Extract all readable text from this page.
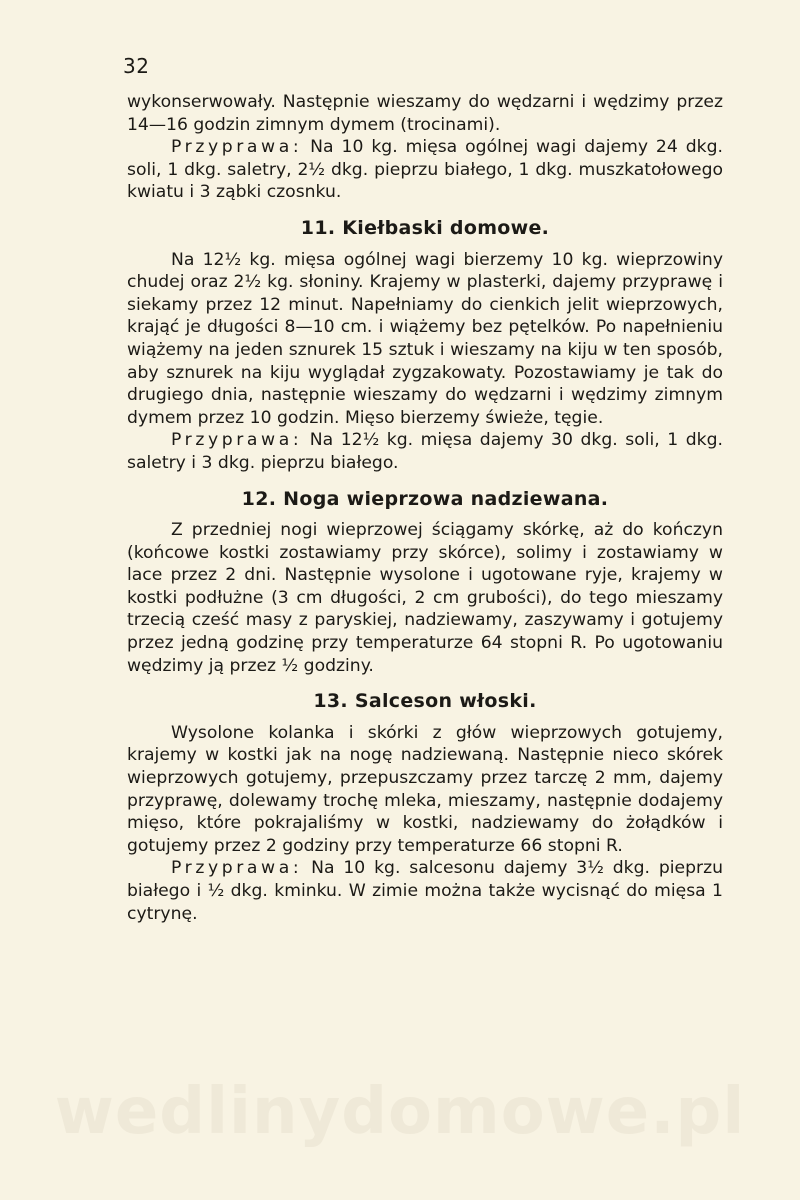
32

wykonserwowały. Następnie wieszamy do wędzarni i wędzimy przez 14—16 godzin zimnym dymem (trocinami).

Przyprawa: Na 10 kg. mięsa ogólnej wagi dajemy 24 dkg. soli, 1 dkg. saletry, 2½ dkg. pieprzu białego, 1 dkg. muszkatołowego kwiatu i 3 ząbki czosnku.

11. Kiełbaski domowe.

Na 12½ kg. mięsa ogólnej wagi bierzemy 10 kg. wieprzowiny chudej oraz 2½ kg. słoniny. Krajemy w plasterki, dajemy przyprawę i siekamy przez 12 minut. Napełniamy do cienkich jelit wieprzowych, krająć je długości 8—10 cm. i wiążemy bez pętelków. Po napełnieniu wiążemy na jeden sznurek 15 sztuk i wieszamy na kiju w ten sposób, aby sznurek na kiju wyglądał zygzakowaty. Pozostawiamy je tak do drugiego dnia, następnie wieszamy do wędzarni i wędzimy zimnym dymem przez 10 godzin. Mięso bierzemy świeże, tęgie.

Przyprawa: Na 12½ kg. mięsa dajemy 30 dkg. soli, 1 dkg. saletry i 3 dkg. pieprzu białego.

12. Noga wieprzowa nadziewana.

Z przedniej nogi wieprzowej ściągamy skórkę, aż do kończyn (końcowe kostki zostawiamy przy skórce), solimy i zostawiamy w lace przez 2 dni. Następnie wysolone i ugotowane ryje, krajemy w kostki podłużne (3 cm długości, 2 cm grubości), do tego mieszamy trzecią cześć masy z paryskiej, nadziewamy, zaszywamy i gotujemy przez jedną godzinę przy temperaturze 64 stopni R. Po ugotowaniu wędzimy ją przez ½ godziny.

13. Salceson włoski.

Wysolone kolanka i skórki z głów wieprzowych gotujemy, krajemy w kostki jak na nogę nadziewaną. Następnie nieco skórek wieprzowych gotujemy, przepuszczamy przez tarczę 2 mm, dajemy przyprawę, dolewamy trochę mleka, mieszamy, następnie dodajemy mięso, które pokrajaliśmy w kostki, nadziewamy do żołądków i gotujemy przez 2 godziny przy temperaturze 66 stopni R.

Przyprawa: Na 10 kg. salcesonu dajemy 3½ dkg. pieprzu białego i ½ dkg. kminku. W zimie można także wycisnąć do mięsa 1 cytrynę.

wedlinydomowe.pl
